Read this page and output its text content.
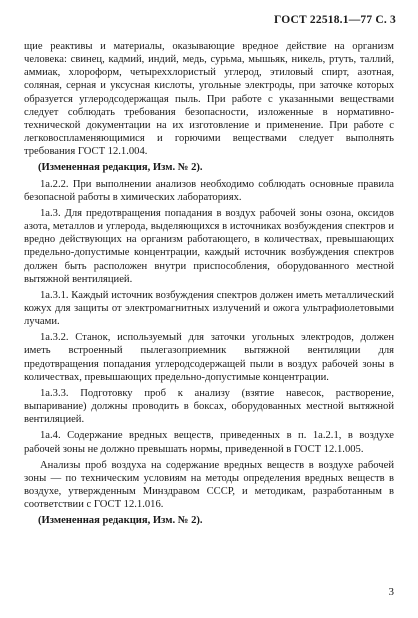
ГОСТ 22518.1—77 С. 3

щие реактивы и материалы, оказывающие вредное действие на организм человека: свинец, кадмий, индий, медь, сурьма, мышьяк, никель, ртуть, таллий, аммиак, хлороформ, четыреххлористый углерод, этиловый спирт, азотная, соляная, серная и уксусная кислоты, угольные электроды, при заточке которых образуется углеродсодержащая пыль. При работе с указанными веществами следует соблюдать требования безопасности, изложенные в нормативно-технической документации на их изготовление и применение. При работе с легковоспламеняющимися и горючими веществами следует выполнять требования ГОСТ 12.1.004.

(Измененная редакция, Изм. № 2).

1а.2.2. При выполнении анализов необходимо соблюдать основные правила безопасной работы в химических лабораториях.

1а.3. Для предотвращения попадания в воздух рабочей зоны озона, оксидов азота, металлов и углерода, выделяющихся в источниках возбуждения спектров и вредно действующих на организм работающего, в количествах, превышающих предельно-допустимые концентрации, каждый источник возбуждения спектров должен быть расположен внутри приспособления, оборудованного местной вытяжной вентиляцией.

1а.3.1. Каждый источник возбуждения спектров должен иметь металлический кожух для защиты от электромагнитных излучений и ожога ультрафиолетовыми лучами.

1а.3.2. Станок, используемый для заточки угольных электродов, должен иметь встроенный пылегазоприемник вытяжной вентиляции для предотвращения попадания углеродсодержащей пыли в воздух рабочей зоны в количествах, превышающих предельно-допустимые концентрации.

1а.3.3. Подготовку проб к анализу (взятие навесок, растворение, выпаривание) должны проводить в боксах, оборудованных местной вытяжной вентиляцией.

1а.4. Содержание вредных веществ, приведенных в п. 1а.2.1, в воздухе рабочей зоны не должно превышать нормы, приведенной в ГОСТ 12.1.005.

Анализы проб воздуха на содержание вредных веществ в воздухе рабочей зоны — по техническим условиям на методы определения вредных веществ в воздухе, утвержденным Минздравом СССР, и методикам, разработанным в соответствии с ГОСТ 12.1.016.

(Измененная редакция, Изм. № 2).

3
